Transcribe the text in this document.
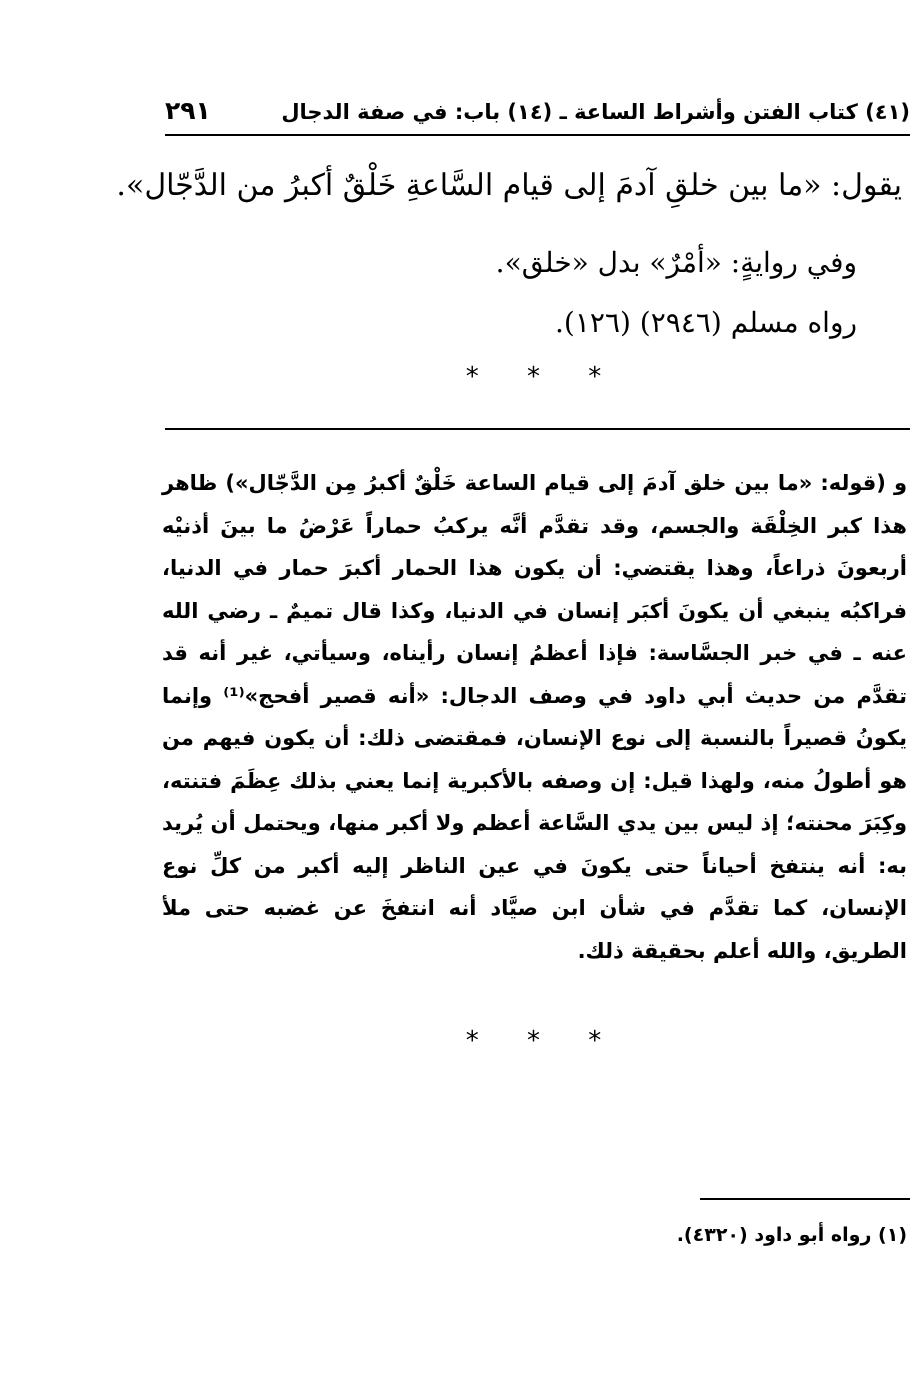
(٤١) كتاب الفتن وأشراط الساعة ـ (١٤) باب: في صفة الدجال
٢٩١
يقول: «ما بين خلقِ آدمَ إلى قيام السَّاعةِ خَلْقٌ أكبرُ من الدَّجّال».
وفي روايةٍ: «أمْرٌ» بدل «خلق».
رواه مسلم (٢٩٤٦) (١٢٦).
* * *

و (قوله: «ما بين خلق آدمَ إلى قيام الساعة خَلْقٌ أكبرُ مِن الدَّجّال») ظاهر هذا كبر الخِلْقَة والجسم، وقد تقدَّم أنَّه يركبُ حماراً عَرْضُ ما بينَ أذنيْه أربعونَ ذراعاً، وهذا يقتضي: أن يكون هذا الحمار أكبرَ حمار في الدنيا، فراكبُه ينبغي أن يكونَ أكبَر إنسان في الدنيا، وكذا قال تميمٌ ـ رضي الله عنه ـ في خبر الجسَّاسة: فإذا أعظمُ إنسان رأيناه، وسيأتي، غير أنه قد تقدَّم من حديث أبي داود في وصف الدجال: «أنه قصير أفحج»⁽¹⁾ وإنما يكونُ قصيراً بالنسبة إلى نوع الإنسان، فمقتضى ذلك: أن يكون فيهم من هو أطولُ منه، ولهذا قيل: إن وصفه بالأكبرية إنما يعني بذلك عِظَمَ فتنته، وكِبَرَ محنته؛ إذ ليس بين يدي السَّاعة أعظم ولا أكبر منها، ويحتمل أن يُريد به: أنه ينتفخ أحياناً حتى يكونَ في عين الناظر إليه أكبر من كلِّ نوع الإنسان، كما تقدَّم في شأن ابن صيَّاد أنه انتفخَ عن غضبه حتى ملأ الطريق، والله أعلم بحقيقة ذلك.

* * *
(١) رواه أبو داود (٤٣٢٠).
